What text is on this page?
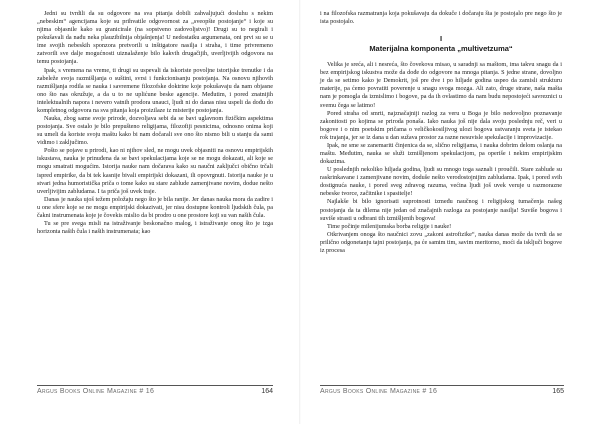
Jedni su tvrdili da su odgovore na sva pitanja dobili zahvaljujući dosluhu s nekim „nebeskim“ agencijama koje su prihvatile odgovornost za „sveopšte postojanje“ i koje su njima objasnile kako su granicirale (na sopstveno zadovoljstvo)! Drugi su to negirali i pokušavali da nađu neka plauzibilnija objašnjenja! U nedostatku argumenata, oni prvi su se u ime svojih nebeskih sponzora pretvorili u inštigatore nasilja i straha, i time privremeno zatvorili sve dalje mogućnosti uiznalaženje bilo kakvih drugačijih, uverljivijih odgovora na temu postojanja.

Ipak, s vremena na vreme, ti drugi su uspevali da iskoriste povoljne istorijske trenutke i da zabeleže svoja razmišljanja o suštini, svrsi i funkcionisanju postojanja. Na osnovu njihovih razmišljanja rodila se nauka i savremene filozofske doktrine koje pokušavaju da nam objasne ono što nas okružuje, a da u to ne uplićune beske agencije. Međutim, i pored znatnijih intelektualnih napora i nevero vatnih prodora unauci, ljudi ni do danas nisu uspeli da dođu do kompletnog odgovora na sva pitanja koja proizilaze iz misterije postojanja.

Nauka, zbog same svoje prirode, dozvoljava sebi da se bavi uglavnom fizičkim aspektima postojanja. Sve ostalo je bilo prepušteno religijama, filozofiji pesnicima, odnosno onima koji su umeli da koriste svoju maštu kako bi nam dočarali sve ono što nismo bili u stanju da sami vidimo i zaključimo.

Pošto se pojave u prirodi, kao ni njihov sled, ne mogu uvek objasniti na osnovu empirijskih iskustava, nauka je prinuđena da se bavi spekulacijama koje se ne mogu dokazati, ali koje se mogu smatrati mogućim. Istorija nauke nam dočarava kako su naučni zaključci obično trčali ispred empirike, da bi tek kasnije bivali empirijski dokazani, ili opovrgnuti. Istorija nauke je u stvari jedna humoristička priča o tome kako su stare zablude zamenjivane novim, dodue nešto uverljivijim zabludama. I ta priča još uvek traje.

Danas je nauka ujoš težem položaju nego što je bila ranije. Jer danas nauka mora da zadire i u one sfere koje se ne mogu empirijski dokazivati, jer nisu dostupne kontroli ljudskih čula, pa čakni instrumenata koje je čovekis mislio da bi prodro u one prostore koji su van naših čula.

Tu se pre svega misli na istraživanje beskonačno malog, i istraživanje onog što je izga horizonta naših čula i naših instrumenata; kao

Argus Books Online Magazine # 16	164

i na filozofska razmatranja koja pokušavaju da dokuče i dočaraju šta je postojalo pre nego što je ista postojalo.

I
Materijalna komponenta „multivetzuma“

Velika je sreća, ali i nesreća, što čovekova misao, u saradnji sa maštom, ima takvu snagu da i bez empirijskog iskustva može da dođe do odgovore na mnoga pitanja. S jedne strane, dovoljno je da se setimo kako je Demokrit, još pre dve i po hiljade godina uspeo da zamisli strukturu materije, pa ćemo povratiti poverenje u snagu svoga mozga. Ali zato, druge strane, naša mašta nam je pomogla da izmislimo i bogove, pa da ih ovlastimo da nam budu nepostojeći savreznici u svemu čega se latimo!

Pored straha od smrti, najznačajniji razlog za veru u Boga je bilo nedovoljno poznavanje zakonitosti po kojima se priroda ponaša. Iako nauka još nije dala svoju poslednju reč, veri u bogove i o nim poetskim pričama o veličkokosiljivog ulozi bogova ustvaranju sveta je istekao rok trajanja, jer se iz dana u dan sužava prostor za razne nesuvisle spekulacije i improvizacije.

Ipak, ne sme se zanemariti činjenica da se, slično religijama, i nauka dobrim delom oslanja na maštu. Međutim, nauka se služi izmišljenom spekulacijom, pa operiše i nekim empirijskim dokazima.

U poslednjih nekoliko hiljada godina, ljudi su mnogo toga saznali i proučili. Stare zablude su raskrinkavane i zamenjivane novim, doduše nešto verodostojnijim zabludama. Ipak, i pored svih dostignuća nauke, i pored sveg zdravog razuma, većina ljudi još uvek veruje u razmorazne nebeske tvorce, začitnike i spasitelje!

Najlakše bi bilo ignorisati suprotnosti između naučnog i religijskog tumačenja našeg postojanja da ta dilema nije jedan od značajnih razloga za postojanje nasilja! Suviše bogova i suviše strasti u odbrani tih izmišljenih bogova!

Time počinje milenijumska borba religije i nauke!

Otkrivanjem onoga što naučnici zovu „zakoni astrofizike“, nauka danas može da tvrdi da se prilično odgonetanju tajni postojanja, pa će samim tim, savim meritorno, moći da isključi bogove iz procesa

Argus Books Online Magazine # 16	165
